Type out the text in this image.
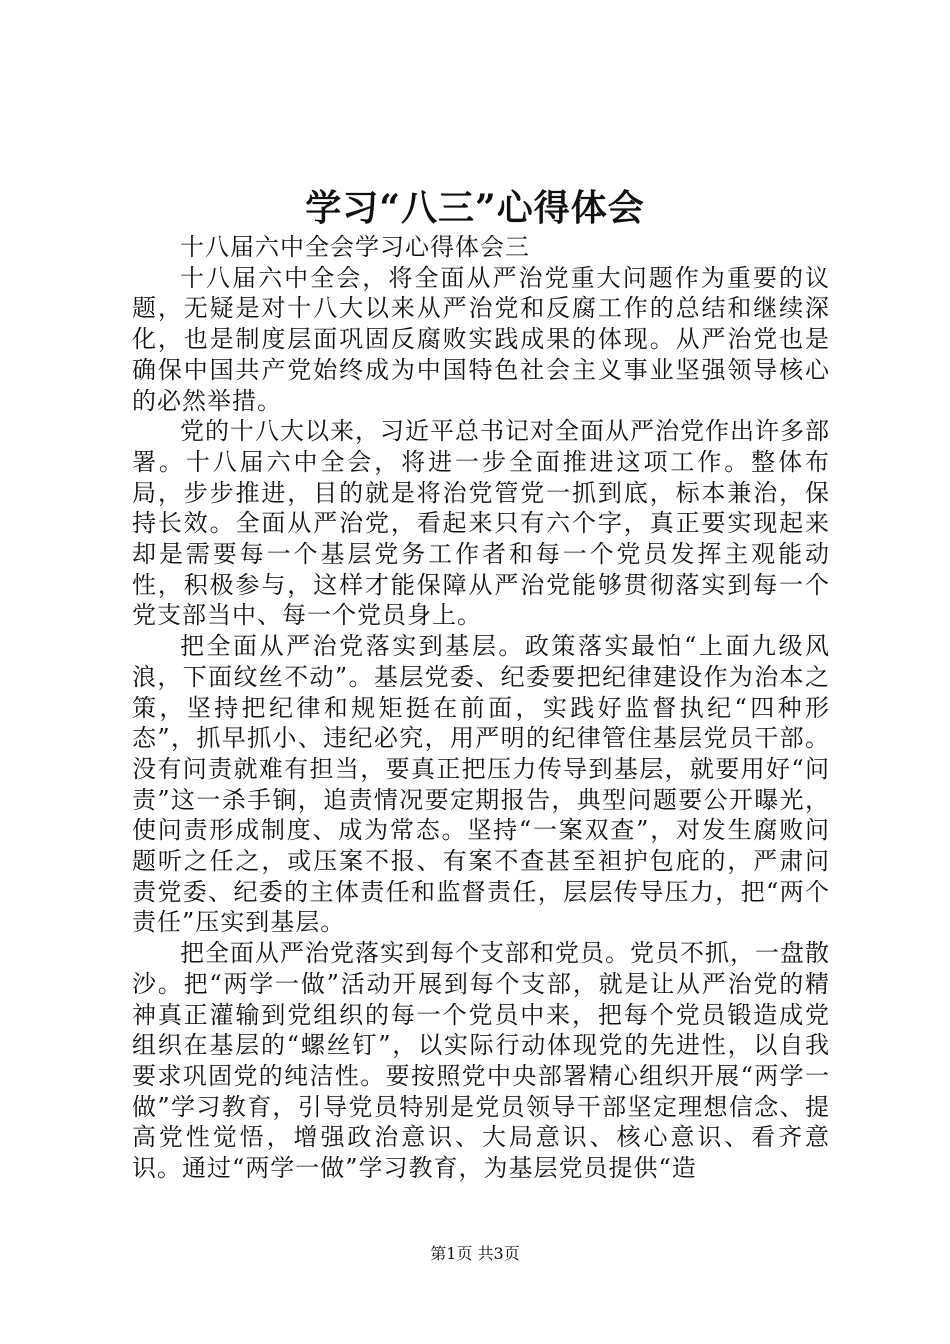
学习“八三”心得体会

十八届六中全会学习心得体会三

十八届六中全会，将全面从严治党重大问题作为重要的议题，无疑是对十八大以来从严治党和反腐工作的总结和继续深化，也是制度层面巩固反腐败实践成果的体现。从严治党也是确保中国共产党始终成为中国特色社会主义事业坚强领导核心的必然举措。

党的十八大以来，习近平总书记对全面从严治党作出许多部署。十八届六中全会，将进一步全面推进这项工作。整体布局，步步推进，目的就是将治党管党一抓到底，标本兼治，保持长效。全面从严治党，看起来只有六个字，真正要实现起来却是需要每一个基层党务工作者和每一个党员发挥主观能动性，积极参与，这样才能保障从严治党能够贯彻落实到每一个党支部当中、每一个党员身上。

把全面从严治党落实到基层。政策落实最怕“上面九级风浪，下面纹丝不动”。基层党委、纪委要把纪律建设作为治本之策，坚持把纪律和规矩挺在前面，实践好监督执纪“四种形态”，抓早抓小、违纪必究，用严明的纪律管住基层党员干部。没有问责就难有担当，要真正把压力传导到基层，就要用好“问责”这一杀手锏，追责情况要定期报告，典型问题要公开曝光，使问责形成制度、成为常态。坚持“一案双查”，对发生腐败问题听之任之，或压案不报、有案不查甚至袒护包庇的，严肃问责党委、纪委的主体责任和监督责任，层层传导压力，把“两个责任”压实到基层。

把全面从严治党落实到每个支部和党员。党员不抓，一盘散沙。把“两学一做”活动开展到每个支部，就是让从严治党的精神真正灌输到党组织的每一个党员中来，把每个党员锻造成党组织在基层的“螺丝钉”，以实际行动体现党的先进性，以自我要求巩固党的纯洁性。要按照党中央部署精心组织开展“两学一做”学习教育，引导党员特别是党员领导干部坚定理想信念、提高党性觉悟，增强政治意识、大局意识、核心意识、看齐意识。通过“两学一做”学习教育，为基层党员提供“造

第1页 共3页
